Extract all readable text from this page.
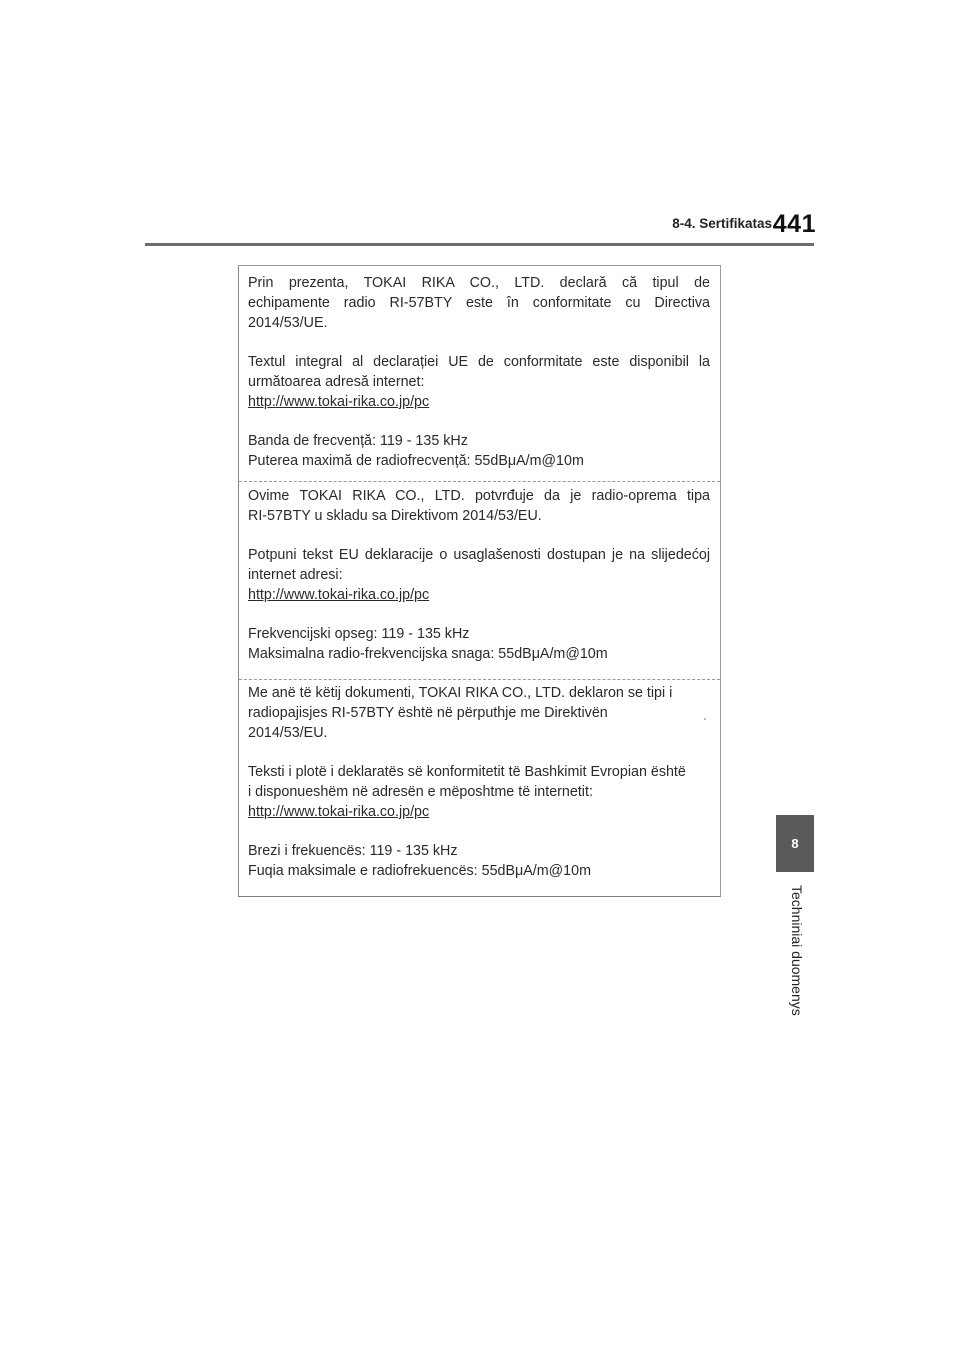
8-4. Sertifikatas 441
8
Techniniai duomenys

Prin prezenta, TOKAI RIKA CO., LTD. declară că tipul de

echipamente radio RI-57BTY este în conformitate cu Directiva

2014/53/UE.

Textul integral al declarației UE de conformitate este disponibil la

următoarea adresă internet:

http://www.tokai-rika.co.jp/pc

Banda de frecvență: 119 - 135 kHz

Puterea maximă de radiofrecvență: 55dBμA/m@10m

Ovime TOKAI RIKA CO., LTD. potvrđuje da je radio-oprema tipa

RI-57BTY u skladu sa Direktivom 2014/53/EU.

Potpuni tekst EU deklaracije o usaglašenosti dostupan je na slijedećoj

internet adresi:

http://www.tokai-rika.co.jp/pc

Frekvencijski opseg: 119 - 135 kHz

Maksimalna radio-frekvencijska snaga: 55dBμA/m@10m

Me anë të këtij dokumenti, TOKAI RIKA CO., LTD. deklaron se tipi i

radiopajisjes RI-57BTY është në përputhje me Direktivën

2014/53/EU.

Teksti i plotë i deklaratës së konformitetit të Bashkimit Evropian është

i disponueshëm në adresën e mëposhtme të internetit:

http://www.tokai-rika.co.jp/pc

Brezi i frekuencës: 119 - 135 kHz

Fuqia maksimale e radiofrekuencës: 55dBμA/m@10m
